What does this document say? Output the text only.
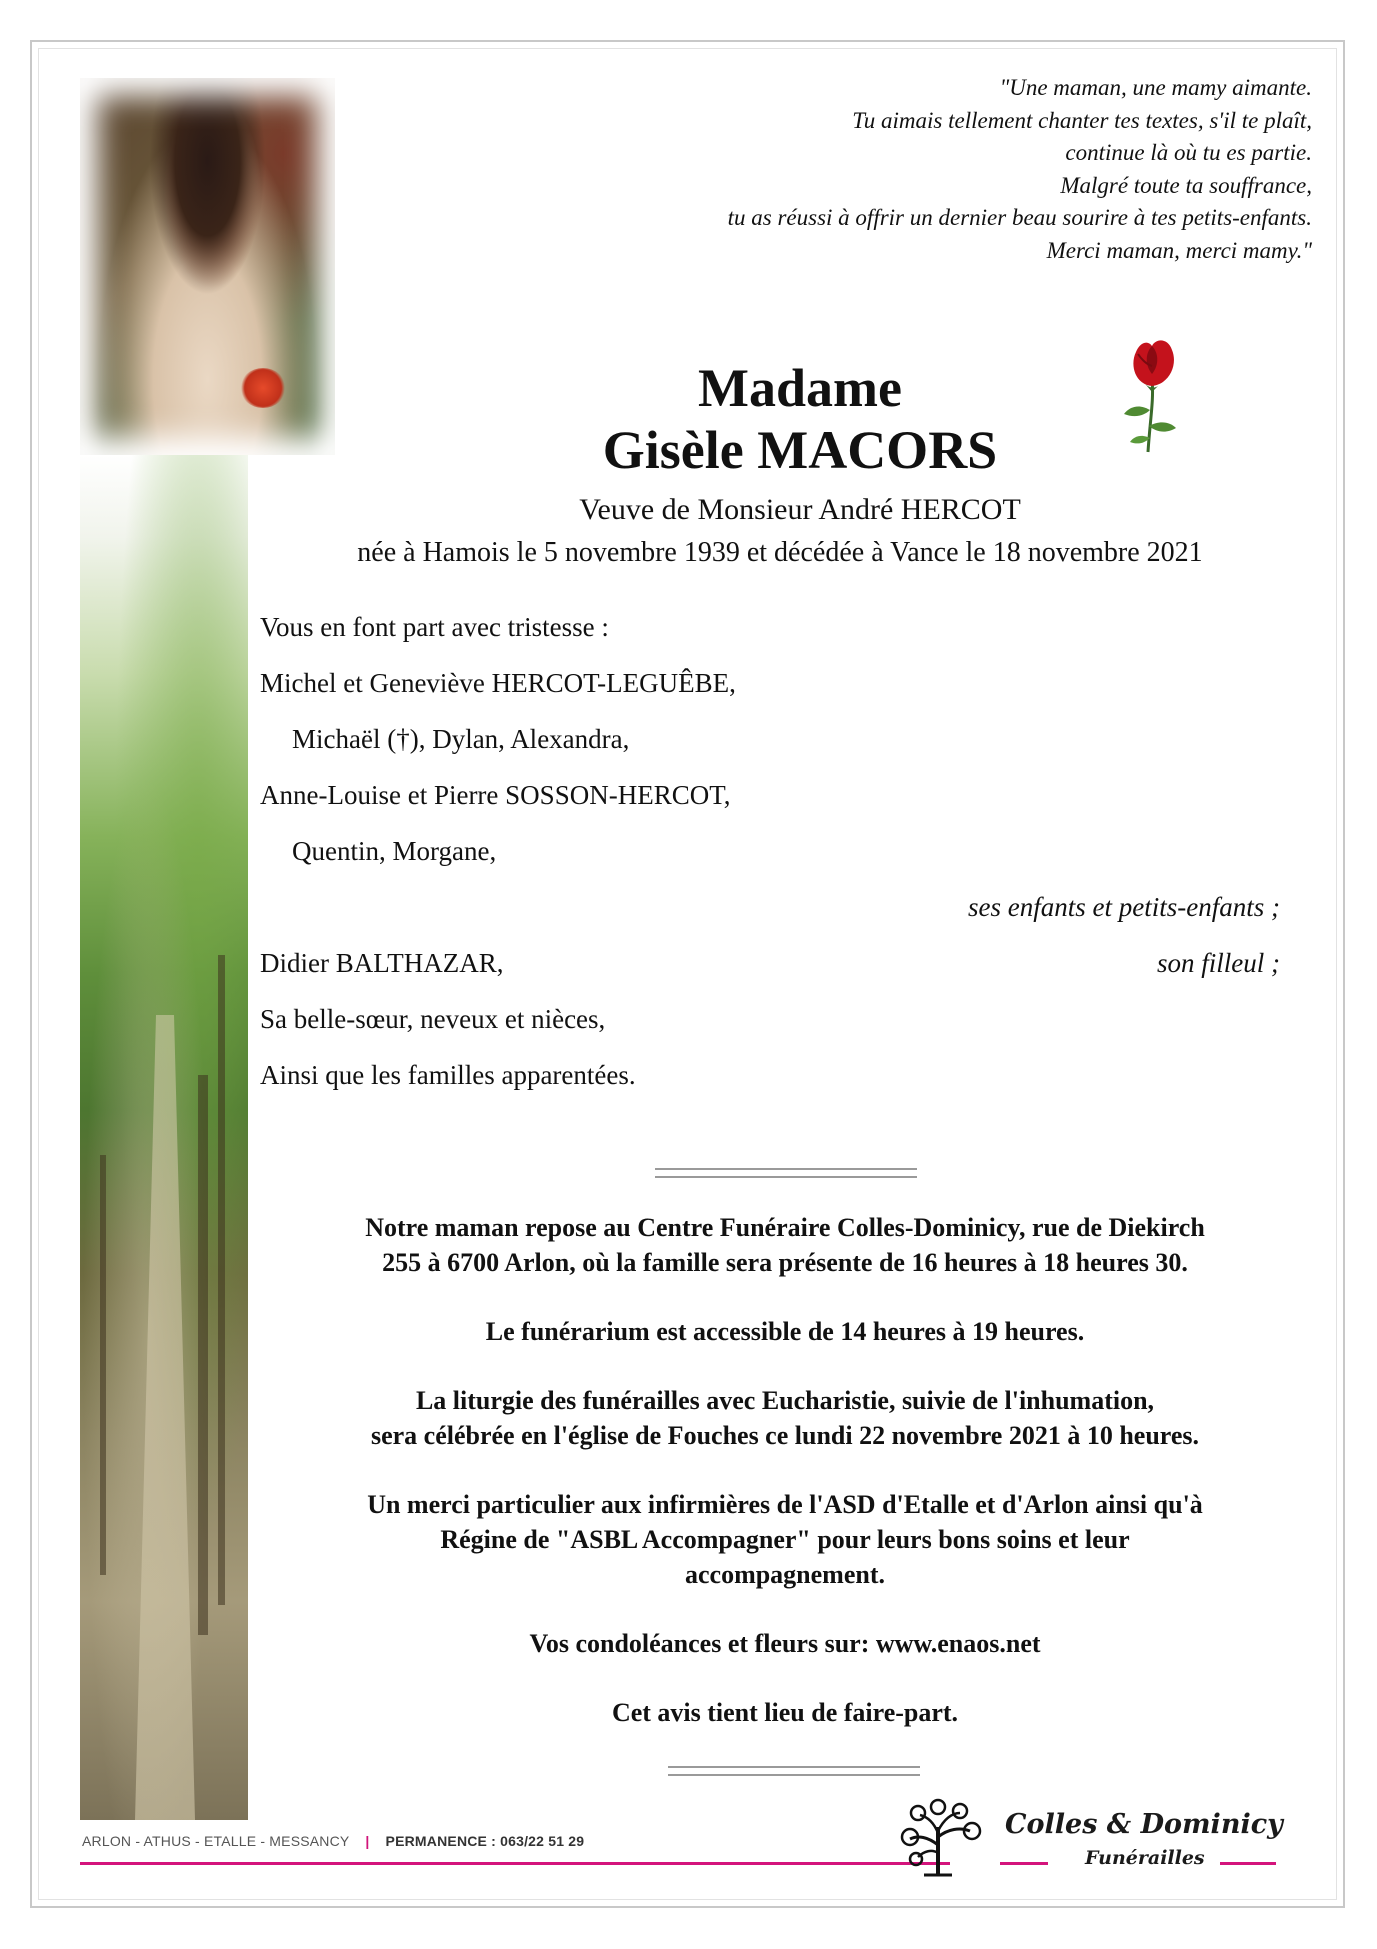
"Une maman, une mamy aimante.
Tu aimais tellement chanter tes textes, s'il te plaît,
continue là où tu es partie.
Malgré toute ta souffrance,
tu as réussi à offrir un dernier beau sourire à tes petits-enfants.
Merci maman, merci mamy."
Madame
Gisèle MACORS
Veuve de Monsieur André HERCOT
née à Hamois le 5 novembre 1939 et décédée à Vance le 18 novembre 2021
Vous en font part avec tristesse :
Michel et Geneviève HERCOT-LEGUÊBE,
Michaël (†), Dylan, Alexandra,
Anne-Louise et Pierre SOSSON-HERCOT,
Quentin, Morgane,
ses enfants et petits-enfants ;
Didier BALTHAZAR,	son filleul ;
Sa belle-sœur, neveux et nièces,
Ainsi que les familles apparentées.

Notre maman repose au Centre Funéraire Colles-Dominicy, rue de Diekirch
255 à 6700 Arlon, où la famille sera présente de 16 heures à 18 heures 30.

Le funérarium est accessible de 14 heures à 19 heures.

La liturgie des funérailles avec Eucharistie, suivie de l'inhumation,
sera célébrée en l'église de Fouches ce lundi 22 novembre 2021 à 10 heures.

Un merci particulier aux infirmières de l'ASD d'Etalle et d'Arlon ainsi qu'à
Régine de "ASBL Accompagner" pour leurs bons soins et leur
accompagnement.

Vos condoléances et fleurs sur: www.enaos.net

Cet avis tient lieu de faire-part.

ARLON - ATHUS - ETALLE - MESSANCY | PERMANENCE : 063/22 51 29
Colles & Dominicy
Funérailles
